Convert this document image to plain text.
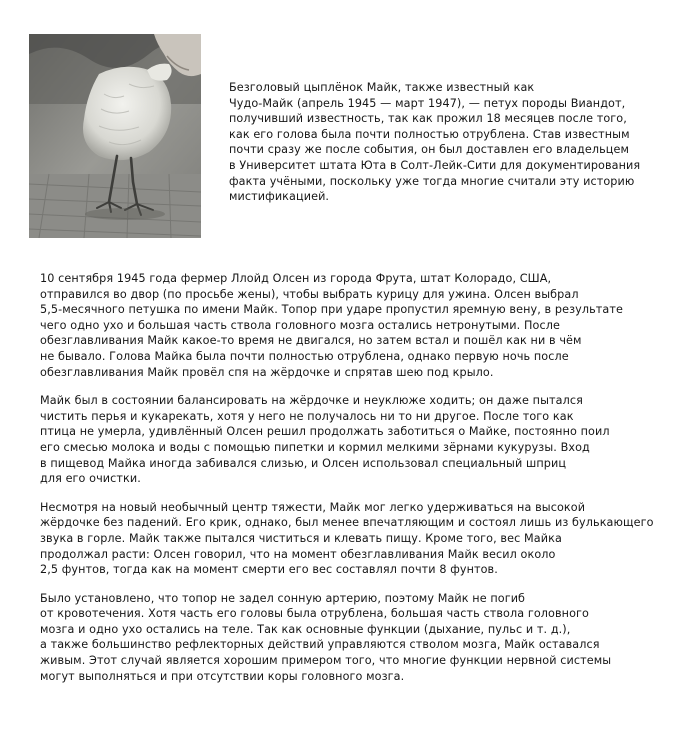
Безголовый цыплёнок Майк, также известный как
Чудо-Майк (апрель 1945 — март 1947), — петух породы Виандот,
получивший известность, так как прожил 18 месяцев после того,
как его голова была почти полностью отрублена. Став известным
почти сразу же после события, он был доставлен его владельцем
в Университет штата Юта в Солт-Лейк-Сити для документирования
факта учёными, поскольку уже тогда многие считали эту историю
мистификацией.

10 сентября 1945 года фермер Ллойд Олсен из города Фрута, штат Колорадо, США,
отправился во двор (по просьбе жены), чтобы выбрать курицу для ужина. Олсен выбрал
5,5-месячного петушка по имени Майк. Топор при ударе пропустил яремную вену, в результате
чего одно ухо и большая часть ствола головного мозга остались нетронутыми. После
обезглавливания Майк какое-то время не двигался, но затем встал и пошёл как ни в чём
не бывало. Голова Майка была почти полностью отрублена, однако первую ночь после
обезглавливания Майк провёл спя на жёрдочке и спрятав шею под крыло.

Майк был в состоянии балансировать на жёрдочке и неуклюже ходить; он даже пытался
чистить перья и кукарекать, хотя у него не получалось ни то ни другое. После того как
птица не умерла, удивлённый Олсен решил продолжать заботиться о Майке, постоянно поил
его смесью молока и воды с помощью пипетки и кормил мелкими зёрнами кукурузы. Вход
в пищевод Майка иногда забивался слизью, и Олсен использовал специальный шприц
для его очистки.

Несмотря на новый необычный центр тяжести, Майк мог легко удерживаться на высокой
жёрдочке без падений. Его крик, однако, был менее впечатляющим и состоял лишь из булькающего
звука в горле. Майк также пытался чиститься и клевать пищу. Кроме того, вес Майка
продолжал расти: Олсен говорил, что на момент обезглавливания Майк весил около
2,5 фунтов, тогда как на момент смерти его вес составлял почти 8 фунтов.

Было установлено, что топор не задел сонную артерию, поэтому Майк не погиб
от кровотечения. Хотя часть его головы была отрублена, большая часть ствола головного
мозга и одно ухо остались на теле. Так как основные функции (дыхание, пульс и т. д.),
а также большинство рефлекторных действий управляются стволом мозга, Майк оставался
живым. Этот случай является хорошим примером того, что многие функции нервной системы
могут выполняться и при отсутствии коры головного мозга.
